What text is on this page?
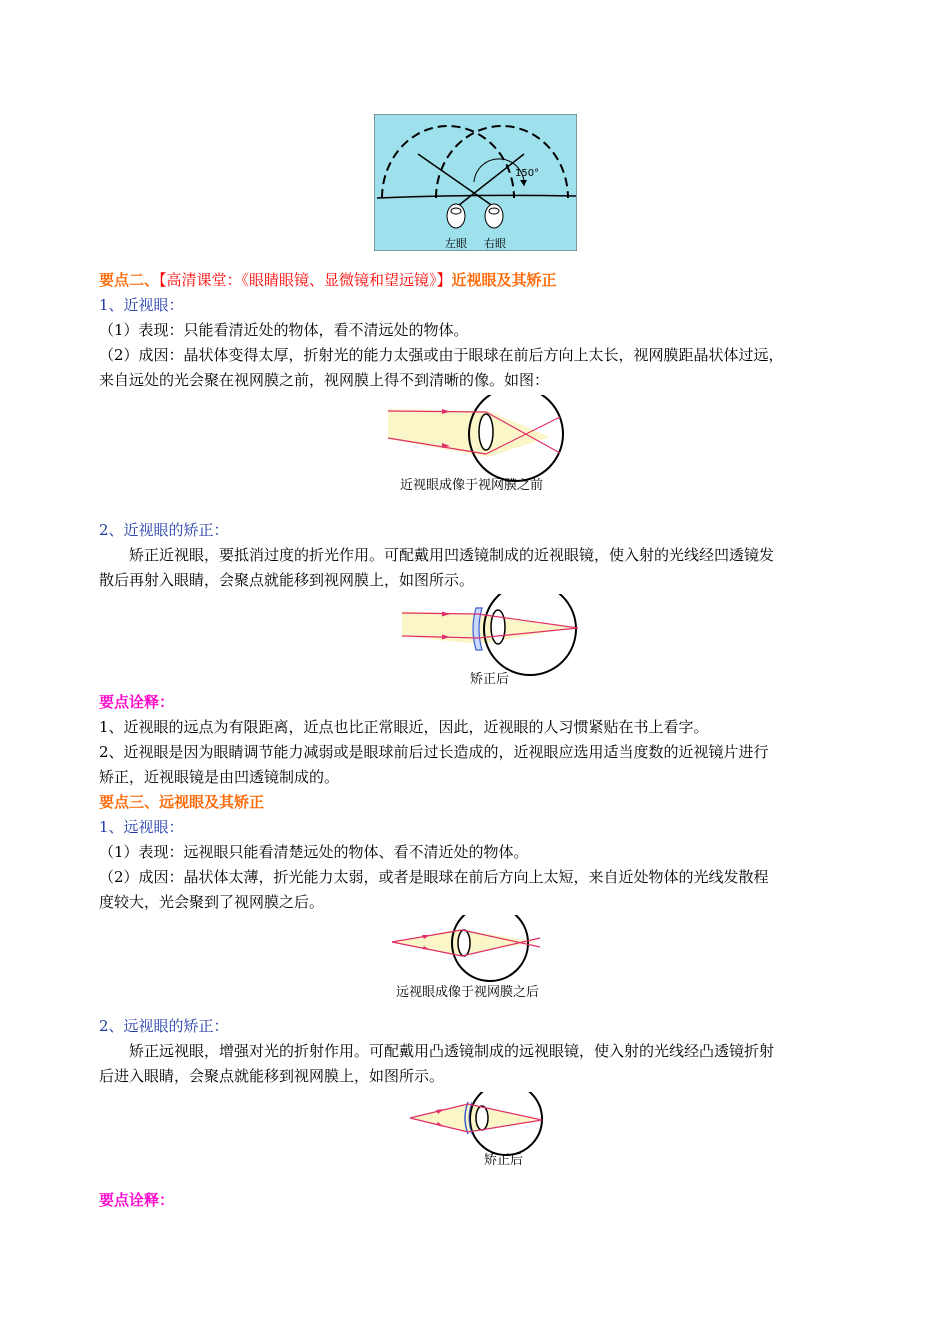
150°
左眼 右眼
要点二、【高清课堂：《眼睛眼镜、显微镜和望远镜》】近视眼及其矫正
1、近视眼：
（1）表现：只能看清近处的物体，看不清远处的物体。
（2）成因：晶状体变得太厚，折射光的能力太强或由于眼球在前后方向上太长，视网膜距晶状体过远，
来自远处的光会聚在视网膜之前，视网膜上得不到清晰的像。如图：
近视眼成像于视网膜之前
2、近视眼的矫正：
矫正近视眼，要抵消过度的折光作用。可配戴用凹透镜制成的近视眼镜，使入射的光线经凹透镜发
散后再射入眼睛，会聚点就能移到视网膜上，如图所示。
矫正后
要点诠释：
1、近视眼的远点为有限距离，近点也比正常眼近，因此，近视眼的人习惯紧贴在书上看字。
2、近视眼是因为眼睛调节能力减弱或是眼球前后过长造成的，近视眼应选用适当度数的近视镜片进行
矫正，近视眼镜是由凹透镜制成的。
要点三、远视眼及其矫正
1、远视眼：
（1）表现：远视眼只能看清楚远处的物体、看不清近处的物体。
（2）成因：晶状体太薄，折光能力太弱，或者是眼球在前后方向上太短，来自近处物体的光线发散程
度较大，光会聚到了视网膜之后。
远视眼成像于视网膜之后
2、远视眼的矫正：
矫正远视眼，增强对光的折射作用。可配戴用凸透镜制成的远视眼镜，使入射的光线经凸透镜折射
后进入眼睛，会聚点就能移到视网膜上，如图所示。
矫正后
要点诠释：
